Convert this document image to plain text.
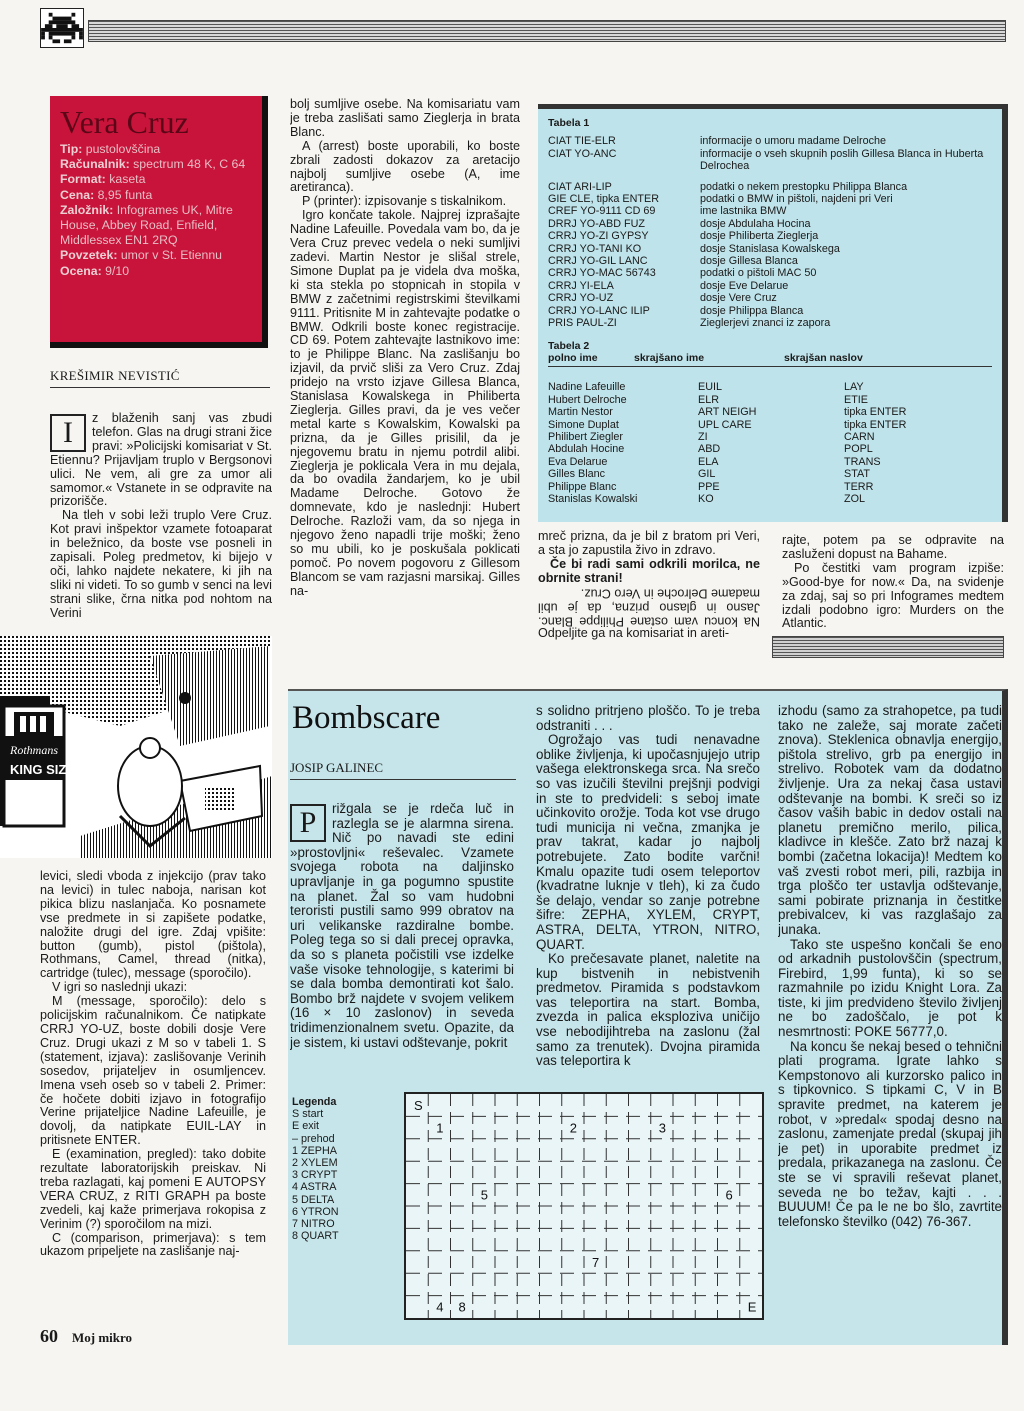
Vera Cruz
Tip: pustolovščina
Računalnik: spectrum 48 K, C 64
Format: kaseta
Cena: 8,95 funta
Založnik: Infogrames UK, Mitre House, Abbey Road, Enfield, Middlessex EN1 2RQ
Povzetek: umor v St. Etiennu
Ocena: 9/10
KREŠIMIR NEVISTIĆ

I	z blaženih sanj vas zbudi telefon. Glas na drugi strani žice pravi: »Policijski komisariat v St. Etiennu? Prijavljam truplo v Bergsonovi ulici. Ne vem, ali gre za umor ali samomor.« Vstanete in se odpravite na prizorišče.

Na tleh v sobi leži truplo Vere Cruz. Kot pravi inšpektor vzamete fotoaparat in beležnico, da boste vse posneli in zapisali. Poleg predmetov, ki bijejo v oči, lahko najdete nekatere, ki jih na sliki ni videti. To so gumb v senci na levi strani slike, črna nitka pod nohtom na Verini

Rothmans
KING SIZE

levici, sledi vboda z injekcijo (prav tako na levici) in tulec naboja, narisan kot pikica blizu naslanjača. Ko posnamete vse predmete in si zapišete podatke, naložite drugi del igre. Zdaj vpišite: button (gumb), pistol (pištola), Rothmans, Camel, thread (nitka), cartridge (tulec), message (sporočilo).

V igri so naslednji ukazi:

M (message, sporočilo): delo s policijskim računalnikom. Če natipkate CRRJ YO-UZ, boste dobili dosje Vere Cruz. Drugi ukazi z M so v tabeli 1. S (statement, izjava): zaslišovanje Verinih sosedov, prijateljev in osumljencev. Imena vseh oseb so v tabeli 2. Primer: če hočete dobiti izjavo in fotografijo Verine prijateljice Nadine Lafeuille, je dovolj, da natipkate EUIL-LAY in pritisnete ENTER.

E (examination, pregled): tako dobite rezultate laboratorijskih preiskav. Ni treba razlagati, kaj pomeni E AUTOPSY VERA CRUZ, z RITI GRAPH pa boste zvedeli, kaj kaže primerjava rokopisa z Verinim (?) sporočilom na mizi.

C (comparison, primerjava): s tem ukazom pripeljete na zaslišanje naj-

bolj sumljive osebe. Na komisariatu vam je treba zaslišati samo Zieglerja in brata Blanc.

A (arrest) boste uporabili, ko boste zbrali zadosti dokazov za aretacijo najbolj sumljive osebe (A, ime aretiranca).

P (printer): izpisovanje s tiskalnikom.

Igro končate takole. Najprej izprašajte Nadine Lafeuille. Povedala vam bo, da je Vera Cruz prevec vedela o neki sumljivi zadevi. Martin Nestor je slišal strele, Simone Duplat pa je videla dva moška, ki sta stekla po stopnicah in stopila v BMW z začetnimi registrskimi številkami 9111. Pritisnite M in zahtevajte podatke o BMW. Odkrili boste konec registracije. CD 69. Potem zahtevajte lastnikovo ime: to je Philippe Blanc. Na zaslišanju bo izjavil, da prvič sliši za Vero Cruz. Zdaj pridejo na vrsto izjave Gillesa Blanca, Stanislasa Kowalskega in Philiberta Zieglerja. Gilles pravi, da je ves večer metal karte s Kowalskim, Kowalski pa prizna, da je Gilles prisilil, da je njegovemu bratu in njemu potrdil alibi. Zieglerja je poklicala Vera in mu dejala, da bo ovadila žandarjem, ko je ubil Madame Delroche. Gotovo že domnevate, kdo je naslednji: Hubert Delroche. Razloži vam, da so njega in njegovo ženo napadli trije moški; ženo so mu ubili, ko je poskušala poklicati pomoč. Po novem pogovoru z Gillesom Blancom se vam razjasni marsikaj. Gilles na-

Tabela 1
CIAT TIE-ELR	informacije o umoru madame Delroche
CIAT YO-ANC	informacije o vseh skupnih poslih Gillesa Blanca in Huberta Delrochea
CIAT ARI-LIP	podatki o nekem prestopku Philippa Blanca
GIE CLE, tipka ENTER	podatki o BMW in pištoli, najdeni pri Veri
CREF YO-9111 CD 69	ime lastnika BMW
DRRJ YO-ABD FUZ	dosje Abdulaha Hocina
CRRJ YO-ZI GYPSY	dosje Philiberta Zieglerja
CRRJ YO-TANI KO	dosje Stanislasa Kowalskega
CRRJ YO-GIL LANC	dosje Gillesa Blanca
CRRJ YO-MAC 56743	podatki o pištoli MAC 50
CRRJ YI-ELA	dosje Eve Delarue
CRRJ YO-UZ	dosje Vere Cruz
CRRJ YO-LANC ILIP	dosje Philippa Blanca
PRIS PAUL-ZI	Zieglerjevi znanci iz zapora
Tabela 2
polno ime	skrajšano ime	skrajšan naslov
Nadine Lafeuille	EUIL	LAY
Hubert Delroche	ELR	ETIE
Martin Nestor	ART NEIGH	tipka ENTER
Simone Duplat	UPL CARE	tipka ENTER
Philibert Ziegler	ZI	CARN
Abdulah Hocine	ABD	POPL
Eva Delarue	ELA	TRANS
Gilles Blanc	GIL	STAT
Philippe Blanc	PPE	TERR
Stanislas Kowalski	KO	ZOL

mreč prizna, da je bil z bratom pri Veri, a sta jo zapustila živo in zdravo.

Če bi radi sami odkrili morilca, ne obrnite strani!

Na koncu vam ostane Philippe Blanc. Jasno in glasno prizna, da je ubil madame Delroche in Vero Cruz.

Odpeljite ga na komisariat in areti-

rajte, potem pa se odpravite na zasluženi dopust na Bahame.

Po čestitki vam program izpiše: »Good-bye for now.« Da, na svidenje za zdaj, saj so pri Infogrames medtem izdali podobno igro: Murders on the Atlantic.

Bombscare
JOSIP GALINEC

P	rižgala se je rdeča luč in razlegla se je alarmna sirena. Nič po navadi ste edini »prostovljni« reševalec. Vzamete svojega robota na daljinsko upravljanje in ga pogumno spustite na planet. Žal so vam hudobni teroristi pustili samo 999 obratov na uri velikanske razdiralne bombe. Poleg tega so si dali precej opravka, da so s planeta počistili vse izdelke vaše visoke tehnologije, s katerimi bi se dala bomba demontirati kot šalo. Bombo brž najdete v svojem velikem (16 × 10 zaslonov) in seveda tridimenzionalnem svetu. Opazite, da je sistem, ki ustavi odštevanje, pokrit

s solidno pritrjeno ploščo. To je treba odstraniti . . .

Ogrožajo vas tudi nenavadne oblike življenja, ki upočasnjujejo utrip vašega elektronskega srca. Na srečo so vas izučili številni prejšnji podvigi in ste to predvideli: s seboj imate učinkovito orožje. Toda kot vse drugo tudi municija ni večna, zmanjka je prav takrat, kadar jo najbolj potrebujete. Zato bodite varčni! Kmalu opazite tudi osem teleportov (kvadratne luknje v tleh), ki za čudo še delajo, vendar so zanje potrebne šifre: ZEPHA, XYLEM, CRYPT, ASTRA, DELTA, YTRON, NITRO, QUART.

Ko prečesavate planet, naletite na kup bistvenih in nebistvenih predmetov. Piramida s podstavkom vas teleportira na start. Bomba, zvezda in palica eksploziva uničijo vse nebodijihtreba na zaslonu (žal samo za trenutek). Dvojna piramida vas teleportira k

izhodu (samo za strahopetce, pa tudi tako ne zaleže, saj morate začeti znova). Steklenica obnavlja energijo, pištola strelivo, grb pa energijo in strelivo. Robotek vam da dodatno življenje. Ura za nekaj časa ustavi odštevanje na bombi. K sreči so iz časov vaših babic in dedov ostali na planetu premično merilo, pilica, kladivce in klešče. Zato brž nazaj k bombi (začetna lokacija)! Medtem ko vaš zvesti robot meri, pili, razbija in trga ploščo ter ustavlja odštevanje, sami pobirate priznanja in čestitke prebivalcev, ki vas razglašajo za junaka.

Tako ste uspešno končali še eno od arkadnih pustolovščin (spectrum, Firebird, 1,99 funta), ki so se razmahnile po izidu Knight Lora. Za tiste, ki jim predvideno število življenj ne bo zadoščalo, je pot k nesmrtnosti: POKE 56777,0.

Na koncu še nekaj besed o tehnični plati programa. Igrate lahko s Kempstonovo ali kurzorsko palico in s tipkovnico. S tipkami C, V in B spravite predmet, na katerem je robot, v »predal« spodaj desno na zaslonu, zamenjate predal (skupaj jih je pet) in uporabite predmet iz predala, prikazanega na zaslonu. Če ste se vi spravili reševat planet, seveda ne bo težav, kajti . . . BUUUM! Če pa le ne bo šlo, zavrtite telefonsko številko (042) 76-367.

Legenda
S start
E exit
– prehod
1 ZEPHA
2 XYLEM
3 CRYPT
4 ASTRA
5 DELTA
6 YTRON
7 NITRO
8 QUART
S
1	2	3
4
5	6
7
8	E
60 Moj mikro
